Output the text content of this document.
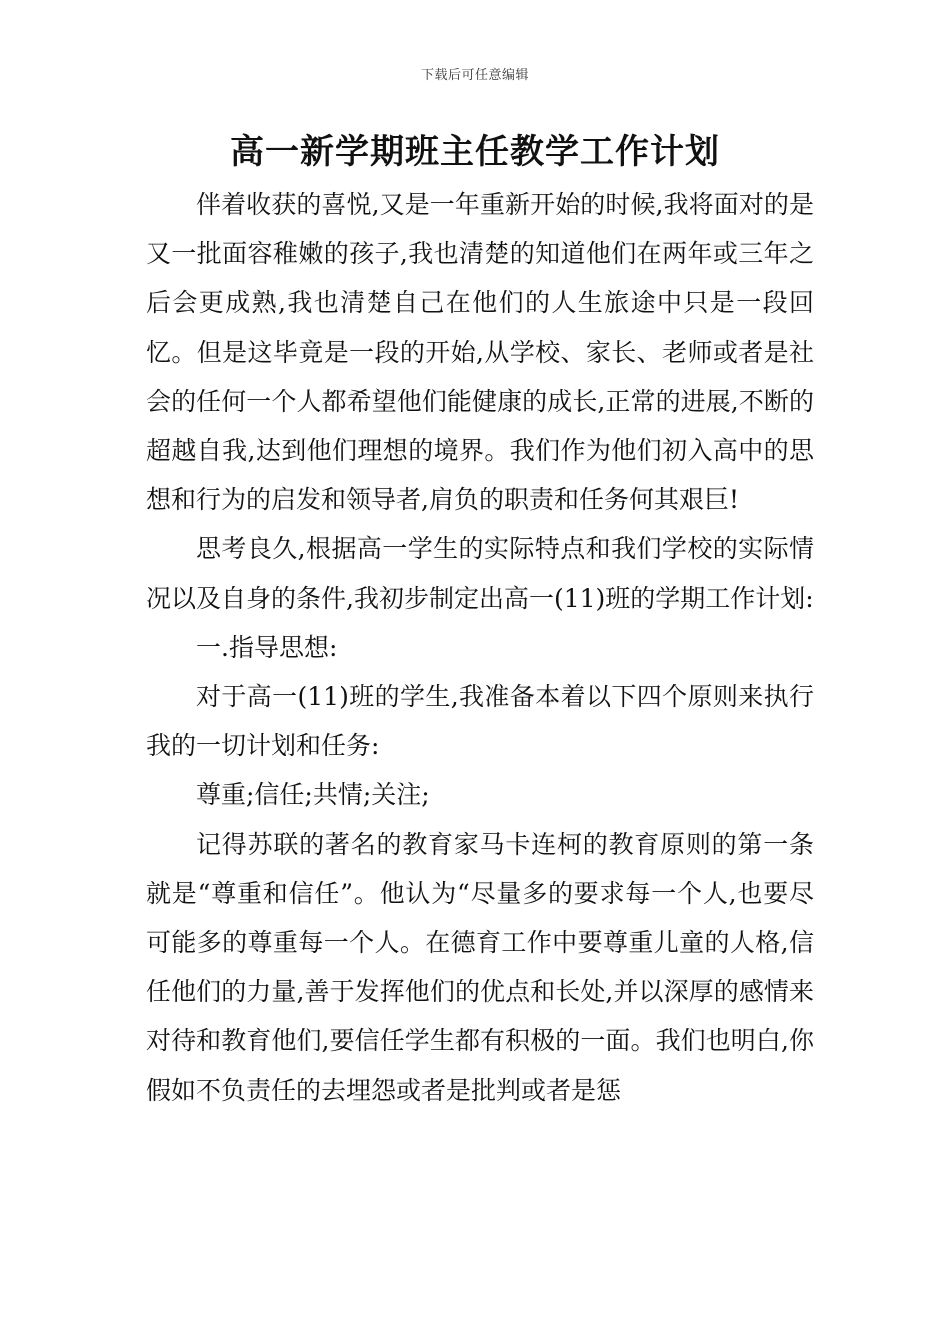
下载后可任意编辑
高一新学期班主任教学工作计划

伴着收获的喜悦,又是一年重新开始的时候,我将面对的是又一批面容稚嫩的孩子,我也清楚的知道他们在两年或三年之后会更成熟,我也清楚自己在他们的人生旅途中只是一段回忆。但是这毕竟是一段的开始,从学校、家长、老师或者是社会的任何一个人都希望他们能健康的成长,正常的进展,不断的超越自我,达到他们理想的境界。我们作为他们初入高中的思想和行为的启发和领导者,肩负的职责和任务何其艰巨!

思考良久,根据高一学生的实际特点和我们学校的实际情况以及自身的条件,我初步制定出高一(11)班的学期工作计划:

一.指导思想:

对于高一(11)班的学生,我准备本着以下四个原则来执行我的一切计划和任务:

尊重;信任;共情;关注;

记得苏联的著名的教育家马卡连柯的教育原则的第一条就是“尊重和信任”。他认为“尽量多的要求每一个人,也要尽可能多的尊重每一个人。在德育工作中要尊重儿童的人格,信任他们的力量,善于发挥他们的优点和长处,并以深厚的感情来对待和教育他们,要信任学生都有积极的一面。我们也明白,你假如不负责任的去埋怨或者是批判或者是惩
